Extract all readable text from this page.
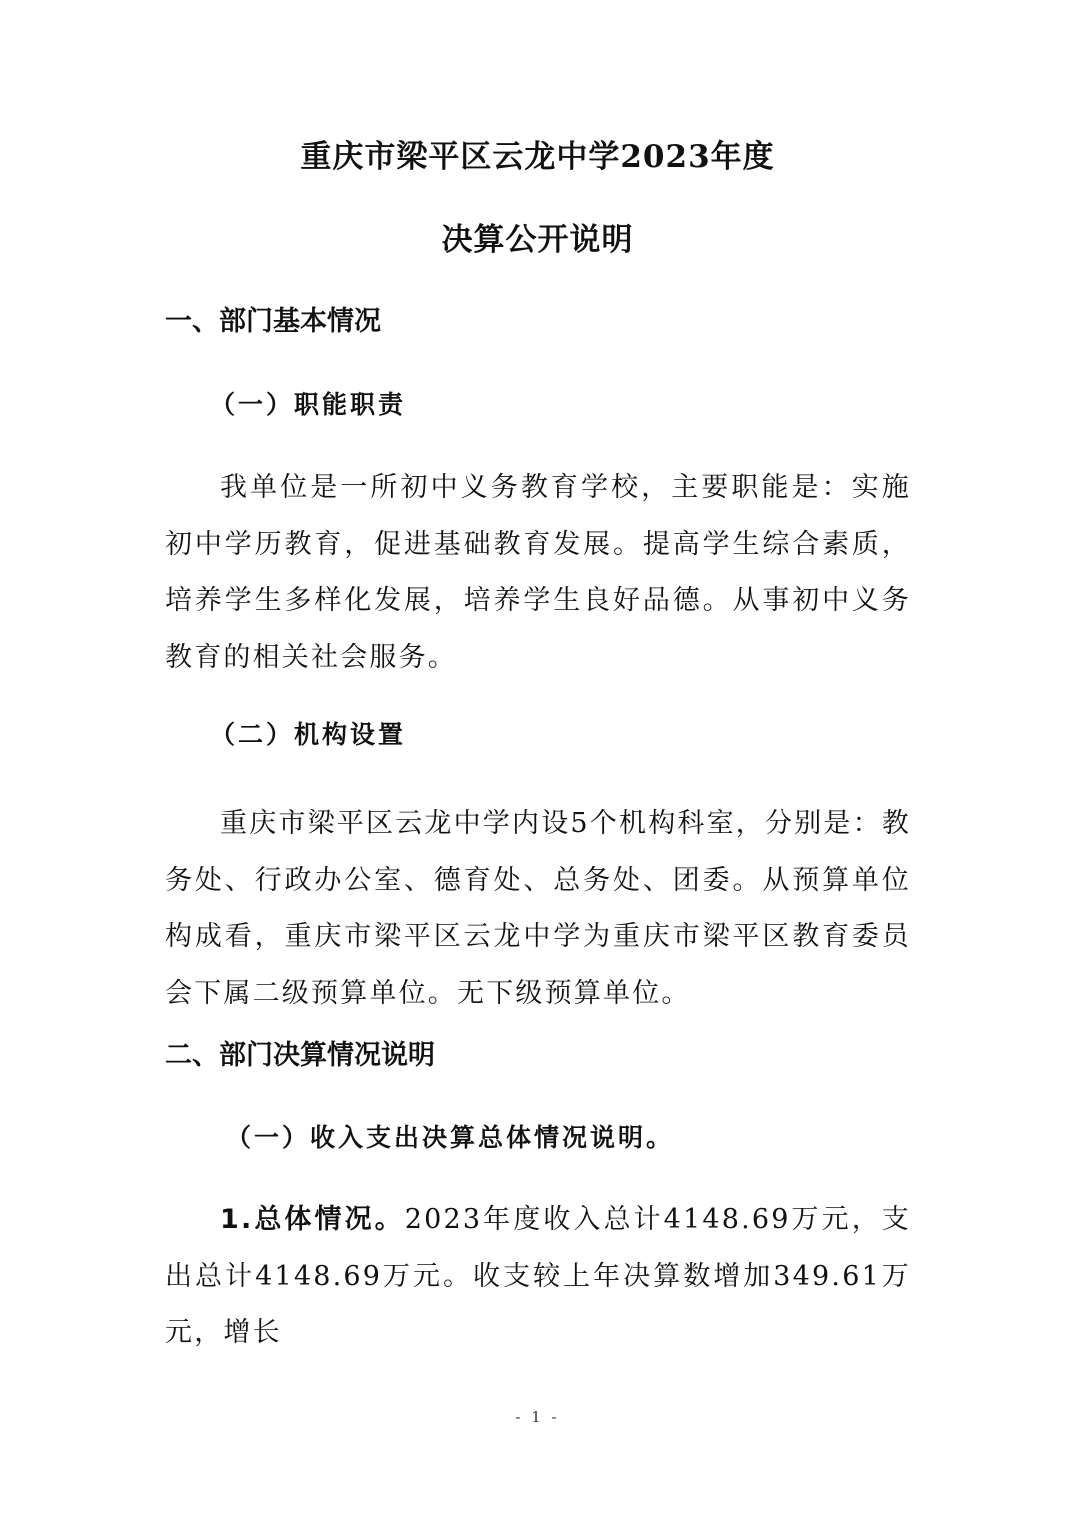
重庆市梁平区云龙中学2023年度
决算公开说明
一、部门基本情况
（一）职能职责

我单位是一所初中义务教育学校，主要职能是：实施初中学历教育，促进基础教育发展。提高学生综合素质，培养学生多样化发展，培养学生良好品德。从事初中义务教育的相关社会服务。

（二）机构设置

重庆市梁平区云龙中学内设5个机构科室，分别是：教务处、行政办公室、德育处、总务处、团委。从预算单位构成看，重庆市梁平区云龙中学为重庆市梁平区教育委员会下属二级预算单位。无下级预算单位。

二、部门决算情况说明
（一）收入支出决算总体情况说明。

1.总体情况。2023年度收入总计4148.69万元，支出总计4148.69万元。收支较上年决算数增加349.61万元，增长

- 1 -
